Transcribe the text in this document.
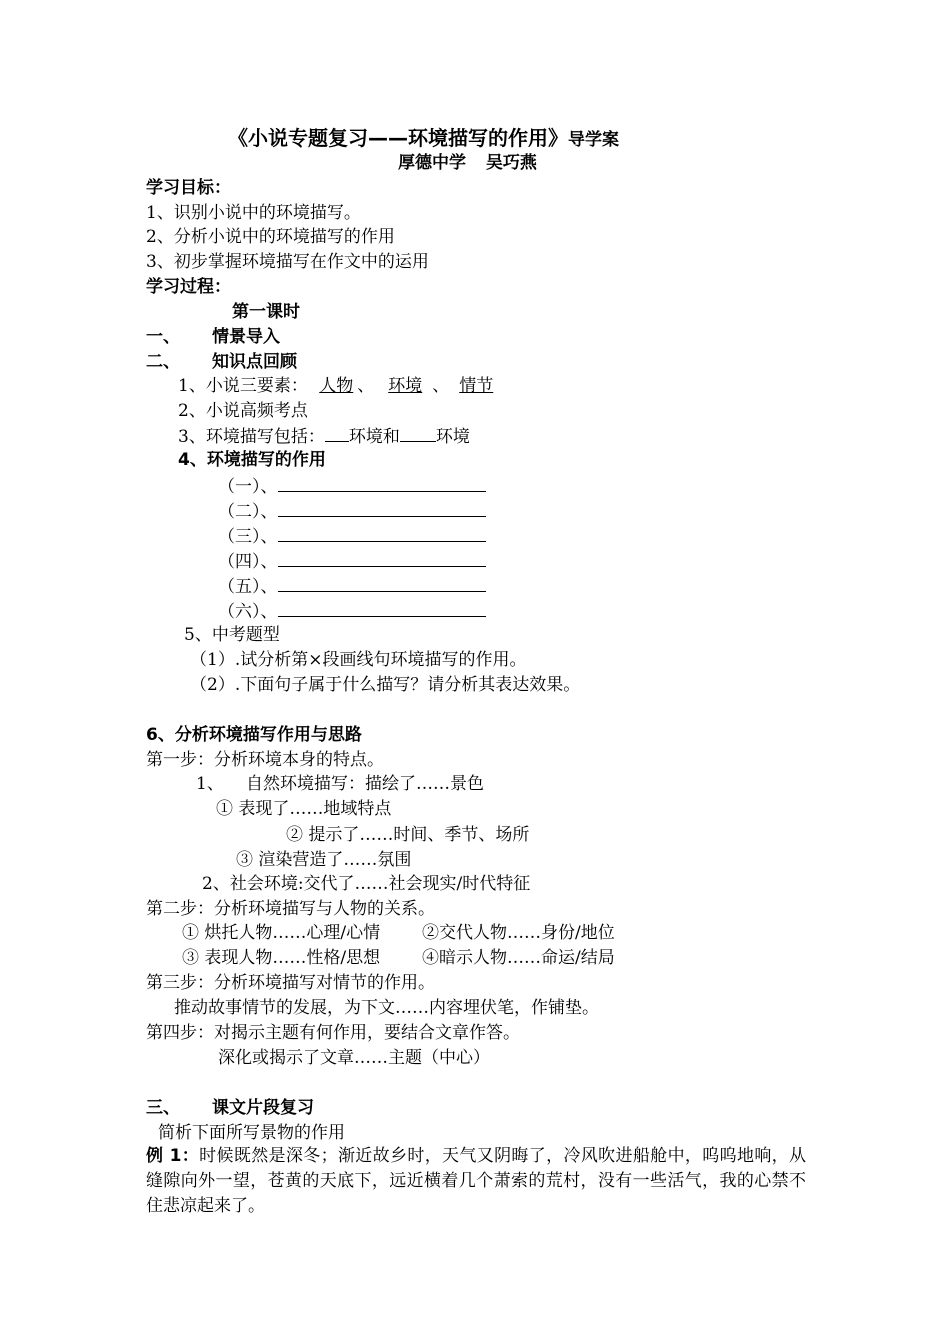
《小说专题复习——环境描写的作用》导学案
厚德中学 吴巧燕
学习目标：
1、识别小说中的环境描写。
2、分析小说中的环境描写的作用
3、初步掌握环境描写在作文中的运用
学习过程：
第一课时
一、 情景导入
二、 知识点回顾
1、小说三要素： 人物 、 环境 、 情节
2、小说高频考点
3、环境描写包括： 环境和 环境
4、环境描写的作用
（一）、
（二）、
（三）、
（四）、
（五）、
（六）、
5、中考题型
（1）.试分析第×段画线句环境描写的作用。
（2）.下面句子属于什么描写？请分析其表达效果。
6、分析环境描写作用与思路
第一步：分析环境本身的特点。
1、 自然环境描写：描绘了……景色
① 表现了……地域特点
② 提示了……时间、季节、场所
③ 渲染营造了……氛围
2、社会环境:交代了……社会现实/时代特征
第二步：分析环境描写与人物的关系。
① 烘托人物……心理/心情 ②交代人物……身份/地位
③ 表现人物……性格/思想 ④暗示人物……命运/结局
第三步：分析环境描写对情节的作用。
推动故事情节的发展，为下文……内容埋伏笔，作铺垫。
第四步：对揭示主题有何作用，要结合文章作答。
深化或揭示了文章……主题（中心）
三、 课文片段复习
简析下面所写景物的作用
例 1：时候既然是深冬；渐近故乡时，天气又阴晦了，冷风吹进船舱中，呜呜地响，从缝隙向外一望，苍黄的天底下，远近横着几个萧索的荒村，没有一些活气，我的心禁不住悲凉起来了。
